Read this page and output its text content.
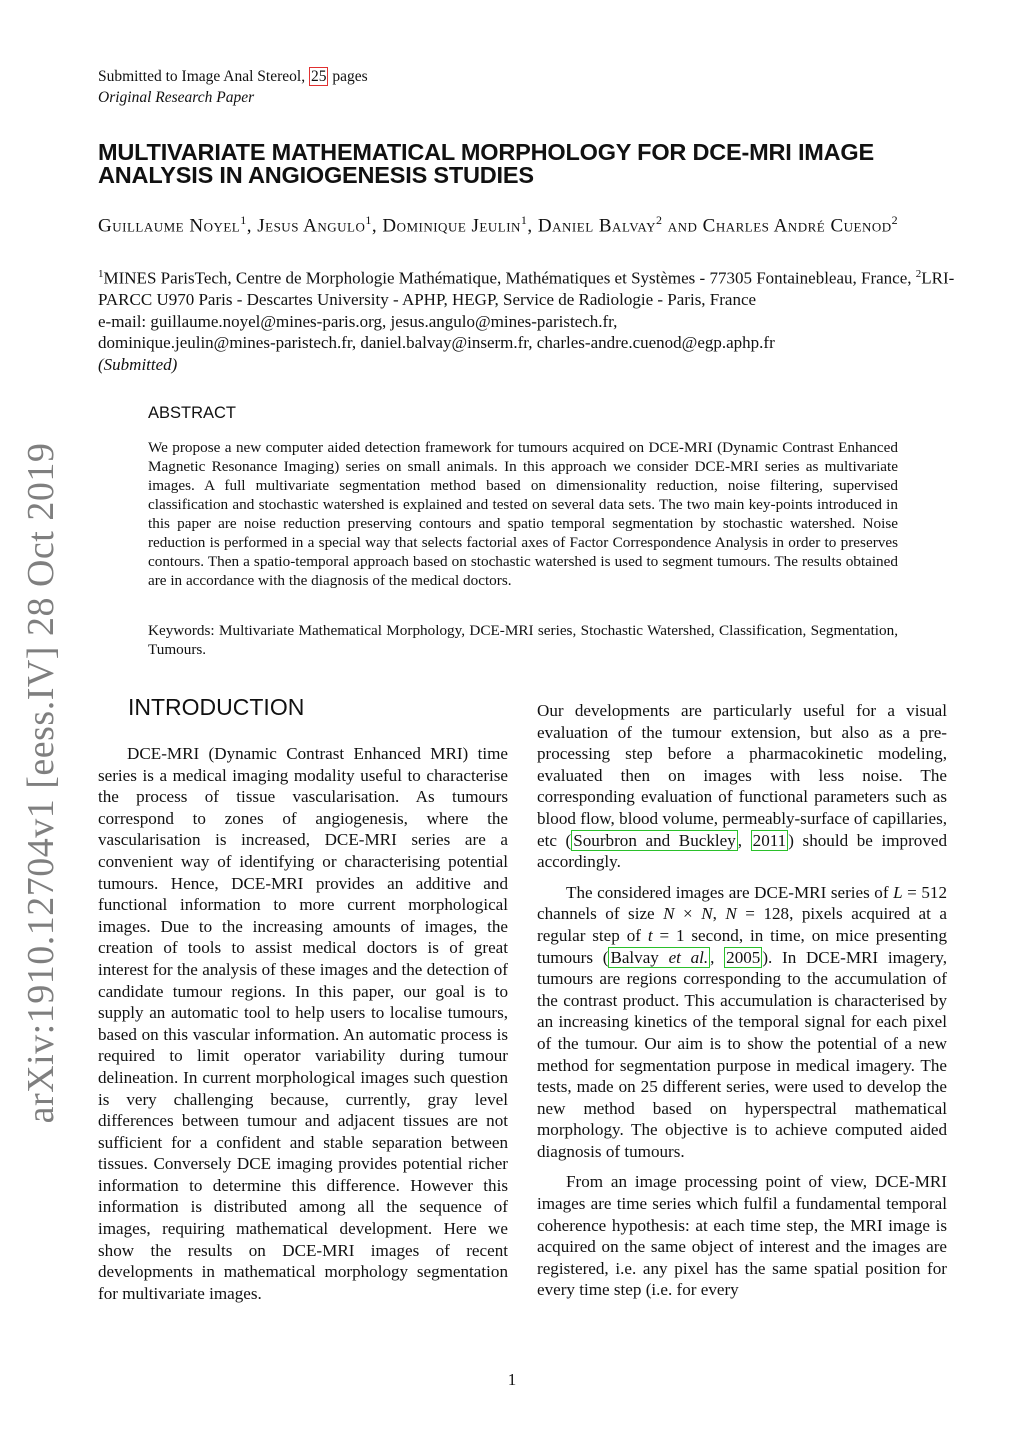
arXiv:1910.12704v1 [eess.IV] 28 Oct 2019
Submitted to Image Anal Stereol, 25 pages
Original Research Paper
MULTIVARIATE MATHEMATICAL MORPHOLOGY FOR DCE-MRI IMAGE ANALYSIS IN ANGIOGENESIS STUDIES
Guillaume Noyel$^1$, Jesus Angulo$^1$, Dominique Jeulin$^1$, Daniel Balvay$^2$ and Charles André Cuenod$^2$
$^1$MINES ParisTech, Centre de Morphologie Mathématique, Mathématiques et Systèmes - 77305 Fontainebleau, France, $^2$LRI-PARCC U970 Paris - Descartes University - APHP, HEGP, Service de Radiologie - Paris, France
e-mail: guillaume.noyel@mines-paris.org, jesus.angulo@mines-paristech.fr,
dominique.jeulin@mines-paristech.fr, daniel.balvay@inserm.fr, charles-andre.cuenod@egp.aphp.fr
(Submitted)
ABSTRACT

We propose a new computer aided detection framework for tumours acquired on DCE-MRI (Dynamic Contrast Enhanced Magnetic Resonance Imaging) series on small animals. In this approach we consider DCE-MRI series as multivariate images. A full multivariate segmentation method based on dimensionality reduction, noise filtering, supervised classification and stochastic watershed is explained and tested on several data sets. The two main key-points introduced in this paper are noise reduction preserving contours and spatio temporal segmentation by stochastic watershed. Noise reduction is performed in a special way that selects factorial axes of Factor Correspondence Analysis in order to preserves contours. Then a spatio-temporal approach based on stochastic watershed is used to segment tumours. The results obtained are in accordance with the diagnosis of the medical doctors.

Keywords: Multivariate Mathematical Morphology, DCE-MRI series, Stochastic Watershed, Classification, Segmentation, Tumours.

INTRODUCTION

DCE-MRI (Dynamic Contrast Enhanced MRI) time series is a medical imaging modality useful to characterise the process of tissue vascularisation. As tumours correspond to zones of angiogenesis, where the vascularisation is increased, DCE-MRI series are a convenient way of identifying or characterising potential tumours. Hence, DCE-MRI provides an additive and functional information to more current morphological images. Due to the increasing amounts of images, the creation of tools to assist medical doctors is of great interest for the analysis of these images and the detection of candidate tumour regions. In this paper, our goal is to supply an automatic tool to help users to localise tumours, based on this vascular information. An automatic process is required to limit operator variability during tumour delineation. In current morphological images such question is very challenging because, currently, gray level differences between tumour and adjacent tissues are not sufficient for a confident and stable separation between tissues. Conversely DCE imaging provides potential richer information to determine this difference. However this information is distributed among all the sequence of images, requiring mathematical development. Here we show the results on DCE-MRI images of recent developments in mathematical morphology segmentation for multivariate images.

Our developments are particularly useful for a visual evaluation of the tumour extension, but also as a pre-processing step before a pharmacokinetic modeling, evaluated then on images with less noise. The corresponding evaluation of functional parameters such as blood flow, blood volume, permeably-surface of capillaries, etc ( Sourbron and Buckley , 2011 ) should be improved accordingly.

The considered images are DCE-MRI series of L = 512 channels of size N × N, N = 128, pixels acquired at a regular step of t = 1 second, in time, on mice presenting tumours ( Balvay et al. , 2005 ). In DCE-MRI imagery, tumours are regions corresponding to the accumulation of the contrast product. This accumulation is characterised by an increasing kinetics of the temporal signal for each pixel of the tumour. Our aim is to show the potential of a new method for segmentation purpose in medical imagery. The tests, made on 25 different series, were used to develop the new method based on hyperspectral mathematical morphology. The objective is to achieve computed aided diagnosis of tumours.

From an image processing point of view, DCE-MRI images are time series which fulfil a fundamental temporal coherence hypothesis: at each time step, the MRI image is acquired on the same object of interest and the images are registered, i.e. any pixel has the same spatial position for every time step (i.e. for every

1
